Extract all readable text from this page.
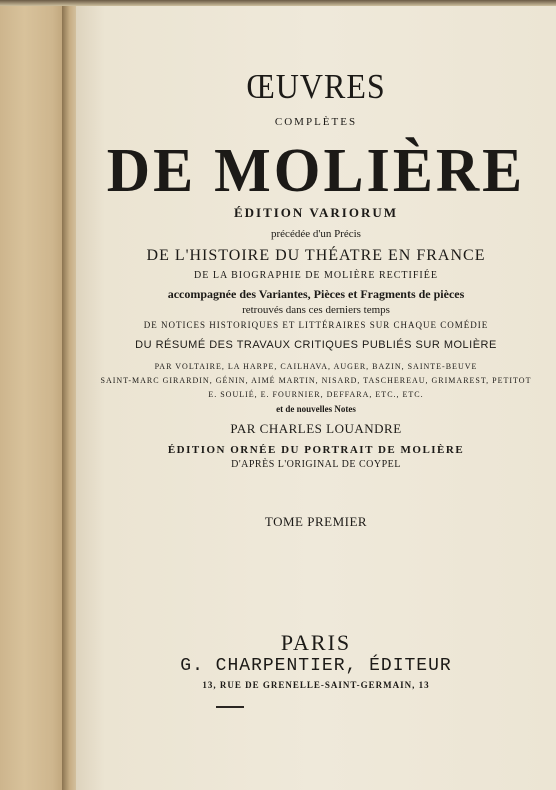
ŒUVRES
COMPLÈTES
DE MOLIÈRE
ÉDITION VARIORUM
précédée d'un Précis
DE L'HISTOIRE DU THÉATRE EN FRANCE
DE LA BIOGRAPHIE DE MOLIÈRE RECTIFIÉE
accompagnée des Variantes, Pièces et Fragments de pièces
retrouvés dans ces derniers temps
DE NOTICES HISTORIQUES ET LITTÉRAIRES SUR CHAQUE COMÉDIE
DU RÉSUMÉ DES TRAVAUX CRITIQUES PUBLIÉS SUR MOLIÈRE
PAR VOLTAIRE, LA HARPE, CAILHAVA, AUGER, BAZIN, SAINTE-BEUVE
SAINT-MARC GIRARDIN, GÉNIN, AIMÉ MARTIN, NISARD, TASCHEREAU, GRIMAREST, PETITOT
E. SOULIÉ, E. FOURNIER, DEFFARA, ETC., ETC.
et de nouvelles Notes
PAR CHARLES LOUANDRE
ÉDITION ORNÉE DU PORTRAIT DE MOLIÈRE
D'APRÈS L'ORIGINAL DE COYPEL
TOME PREMIER
PARIS
G. CHARPENTIER, ÉDITEUR
13, RUE DE GRENELLE-SAINT-GERMAIN, 13
